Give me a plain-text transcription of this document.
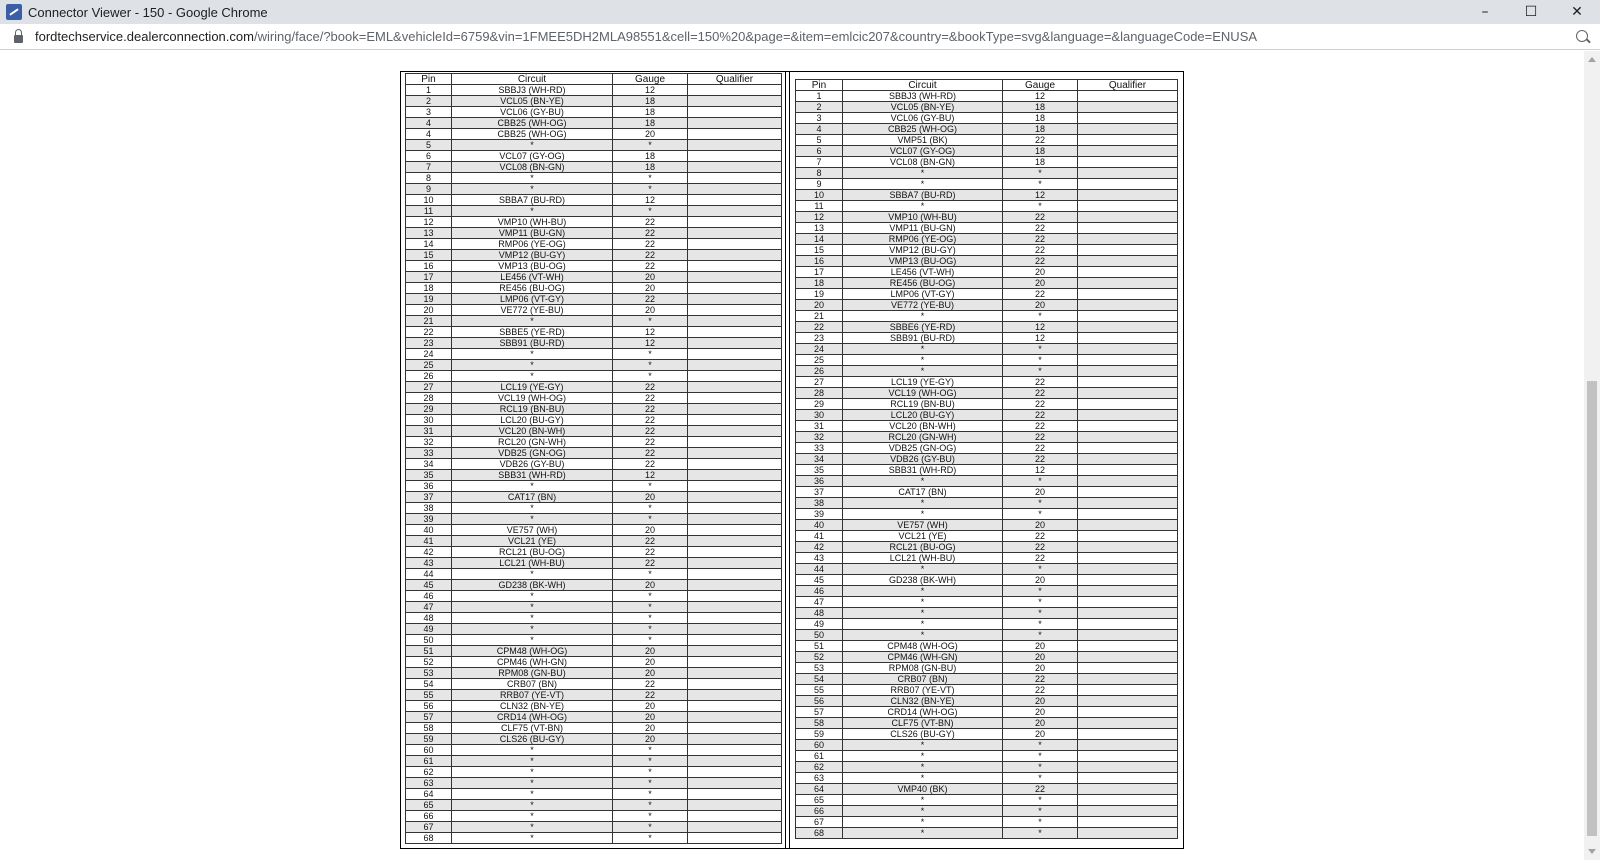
Connector Viewer - 150 - Google Chrome	–	☐	✕
fordtechservice.dealerconnection.com/wiring/face/?book=EML&vehicleId=6759&vin=1FMEE5DH2MLA98551&cell=150%20&page=&item=emlcic207&country=&bookType=svg&language=&languageCode=ENUSA
Pin	Circuit	Gauge	Qualifier
1	SBBJ3 (WH-RD)	12	
2	VCL05 (BN-YE)	18	
3	VCL06 (GY-BU)	18	
4	CBB25 (WH-OG)	18	
4	CBB25 (WH-OG)	20	
5	*	*	
6	VCL07 (GY-OG)	18	
7	VCL08 (BN-GN)	18	
8	*	*	
9	*	*	
10	SBBA7 (BU-RD)	12	
11	*	*	
12	VMP10 (WH-BU)	22	
13	VMP11 (BU-GN)	22	
14	RMP06 (YE-OG)	22	
15	VMP12 (BU-GY)	22	
16	VMP13 (BU-OG)	22	
17	LE456 (VT-WH)	20	
18	RE456 (BU-OG)	20	
19	LMP06 (VT-GY)	22	
20	VE772 (YE-BU)	20	
21	*	*	
22	SBBE5 (YE-RD)	12	
23	SBB91 (BU-RD)	12	
24	*	*	
25	*	*	
26	*	*	
27	LCL19 (YE-GY)	22	
28	VCL19 (WH-OG)	22	
29	RCL19 (BN-BU)	22	
30	LCL20 (BU-GY)	22	
31	VCL20 (BN-WH)	22	
32	RCL20 (GN-WH)	22	
33	VDB25 (GN-OG)	22	
34	VDB26 (GY-BU)	22	
35	SBB31 (WH-RD)	12	
36	*	*	
37	CAT17 (BN)	20	
38	*	*	
39	*	*	
40	VE757 (WH)	20	
41	VCL21 (YE)	22	
42	RCL21 (BU-OG)	22	
43	LCL21 (WH-BU)	22	
44	*	*	
45	GD238 (BK-WH)	20	
46	*	*	
47	*	*	
48	*	*	
49	*	*	
50	*	*	
51	CPM48 (WH-OG)	20	
52	CPM46 (WH-GN)	20	
53	RPM08 (GN-BU)	20	
54	CRB07 (BN)	22	
55	RRB07 (YE-VT)	22	
56	CLN32 (BN-YE)	20	
57	CRD14 (WH-OG)	20	
58	CLF75 (VT-BN)	20	
59	CLS26 (BU-GY)	20	
60	*	*	
61	*	*	
62	*	*	
63	*	*	
64	*	*	
65	*	*	
66	*	*	
67	*	*	
68	*	*	
Pin	Circuit	Gauge	Qualifier
1	SBBJ3 (WH-RD)	12	
2	VCL05 (BN-YE)	18	
3	VCL06 (GY-BU)	18	
4	CBB25 (WH-OG)	18	
5	VMP51 (BK)	22	
6	VCL07 (GY-OG)	18	
7	VCL08 (BN-GN)	18	
8	*	*	
9	*	*	
10	SBBA7 (BU-RD)	12	
11	*	*	
12	VMP10 (WH-BU)	22	
13	VMP11 (BU-GN)	22	
14	RMP06 (YE-OG)	22	
15	VMP12 (BU-GY)	22	
16	VMP13 (BU-OG)	22	
17	LE456 (VT-WH)	20	
18	RE456 (BU-OG)	20	
19	LMP06 (VT-GY)	22	
20	VE772 (YE-BU)	20	
21	*	*	
22	SBBE6 (YE-RD)	12	
23	SBB91 (BU-RD)	12	
24	*	*	
25	*	*	
26	*	*	
27	LCL19 (YE-GY)	22	
28	VCL19 (WH-OG)	22	
29	RCL19 (BN-BU)	22	
30	LCL20 (BU-GY)	22	
31	VCL20 (BN-WH)	22	
32	RCL20 (GN-WH)	22	
33	VDB25 (GN-OG)	22	
34	VDB26 (GY-BU)	22	
35	SBB31 (WH-RD)	12	
36	*	*	
37	CAT17 (BN)	20	
38	*	*	
39	*	*	
40	VE757 (WH)	20	
41	VCL21 (YE)	22	
42	RCL21 (BU-OG)	22	
43	LCL21 (WH-BU)	22	
44	*	*	
45	GD238 (BK-WH)	20	
46	*	*	
47	*	*	
48	*	*	
49	*	*	
50	*	*	
51	CPM48 (WH-OG)	20	
52	CPM46 (WH-GN)	20	
53	RPM08 (GN-BU)	20	
54	CRB07 (BN)	22	
55	RRB07 (YE-VT)	22	
56	CLN32 (BN-YE)	20	
57	CRD14 (WH-OG)	20	
58	CLF75 (VT-BN)	20	
59	CLS26 (BU-GY)	20	
60	*	*	
61	*	*	
62	*	*	
63	*	*	
64	VMP40 (BK)	22	
65	*	*	
66	*	*	
67	*	*	
68	*	*	
